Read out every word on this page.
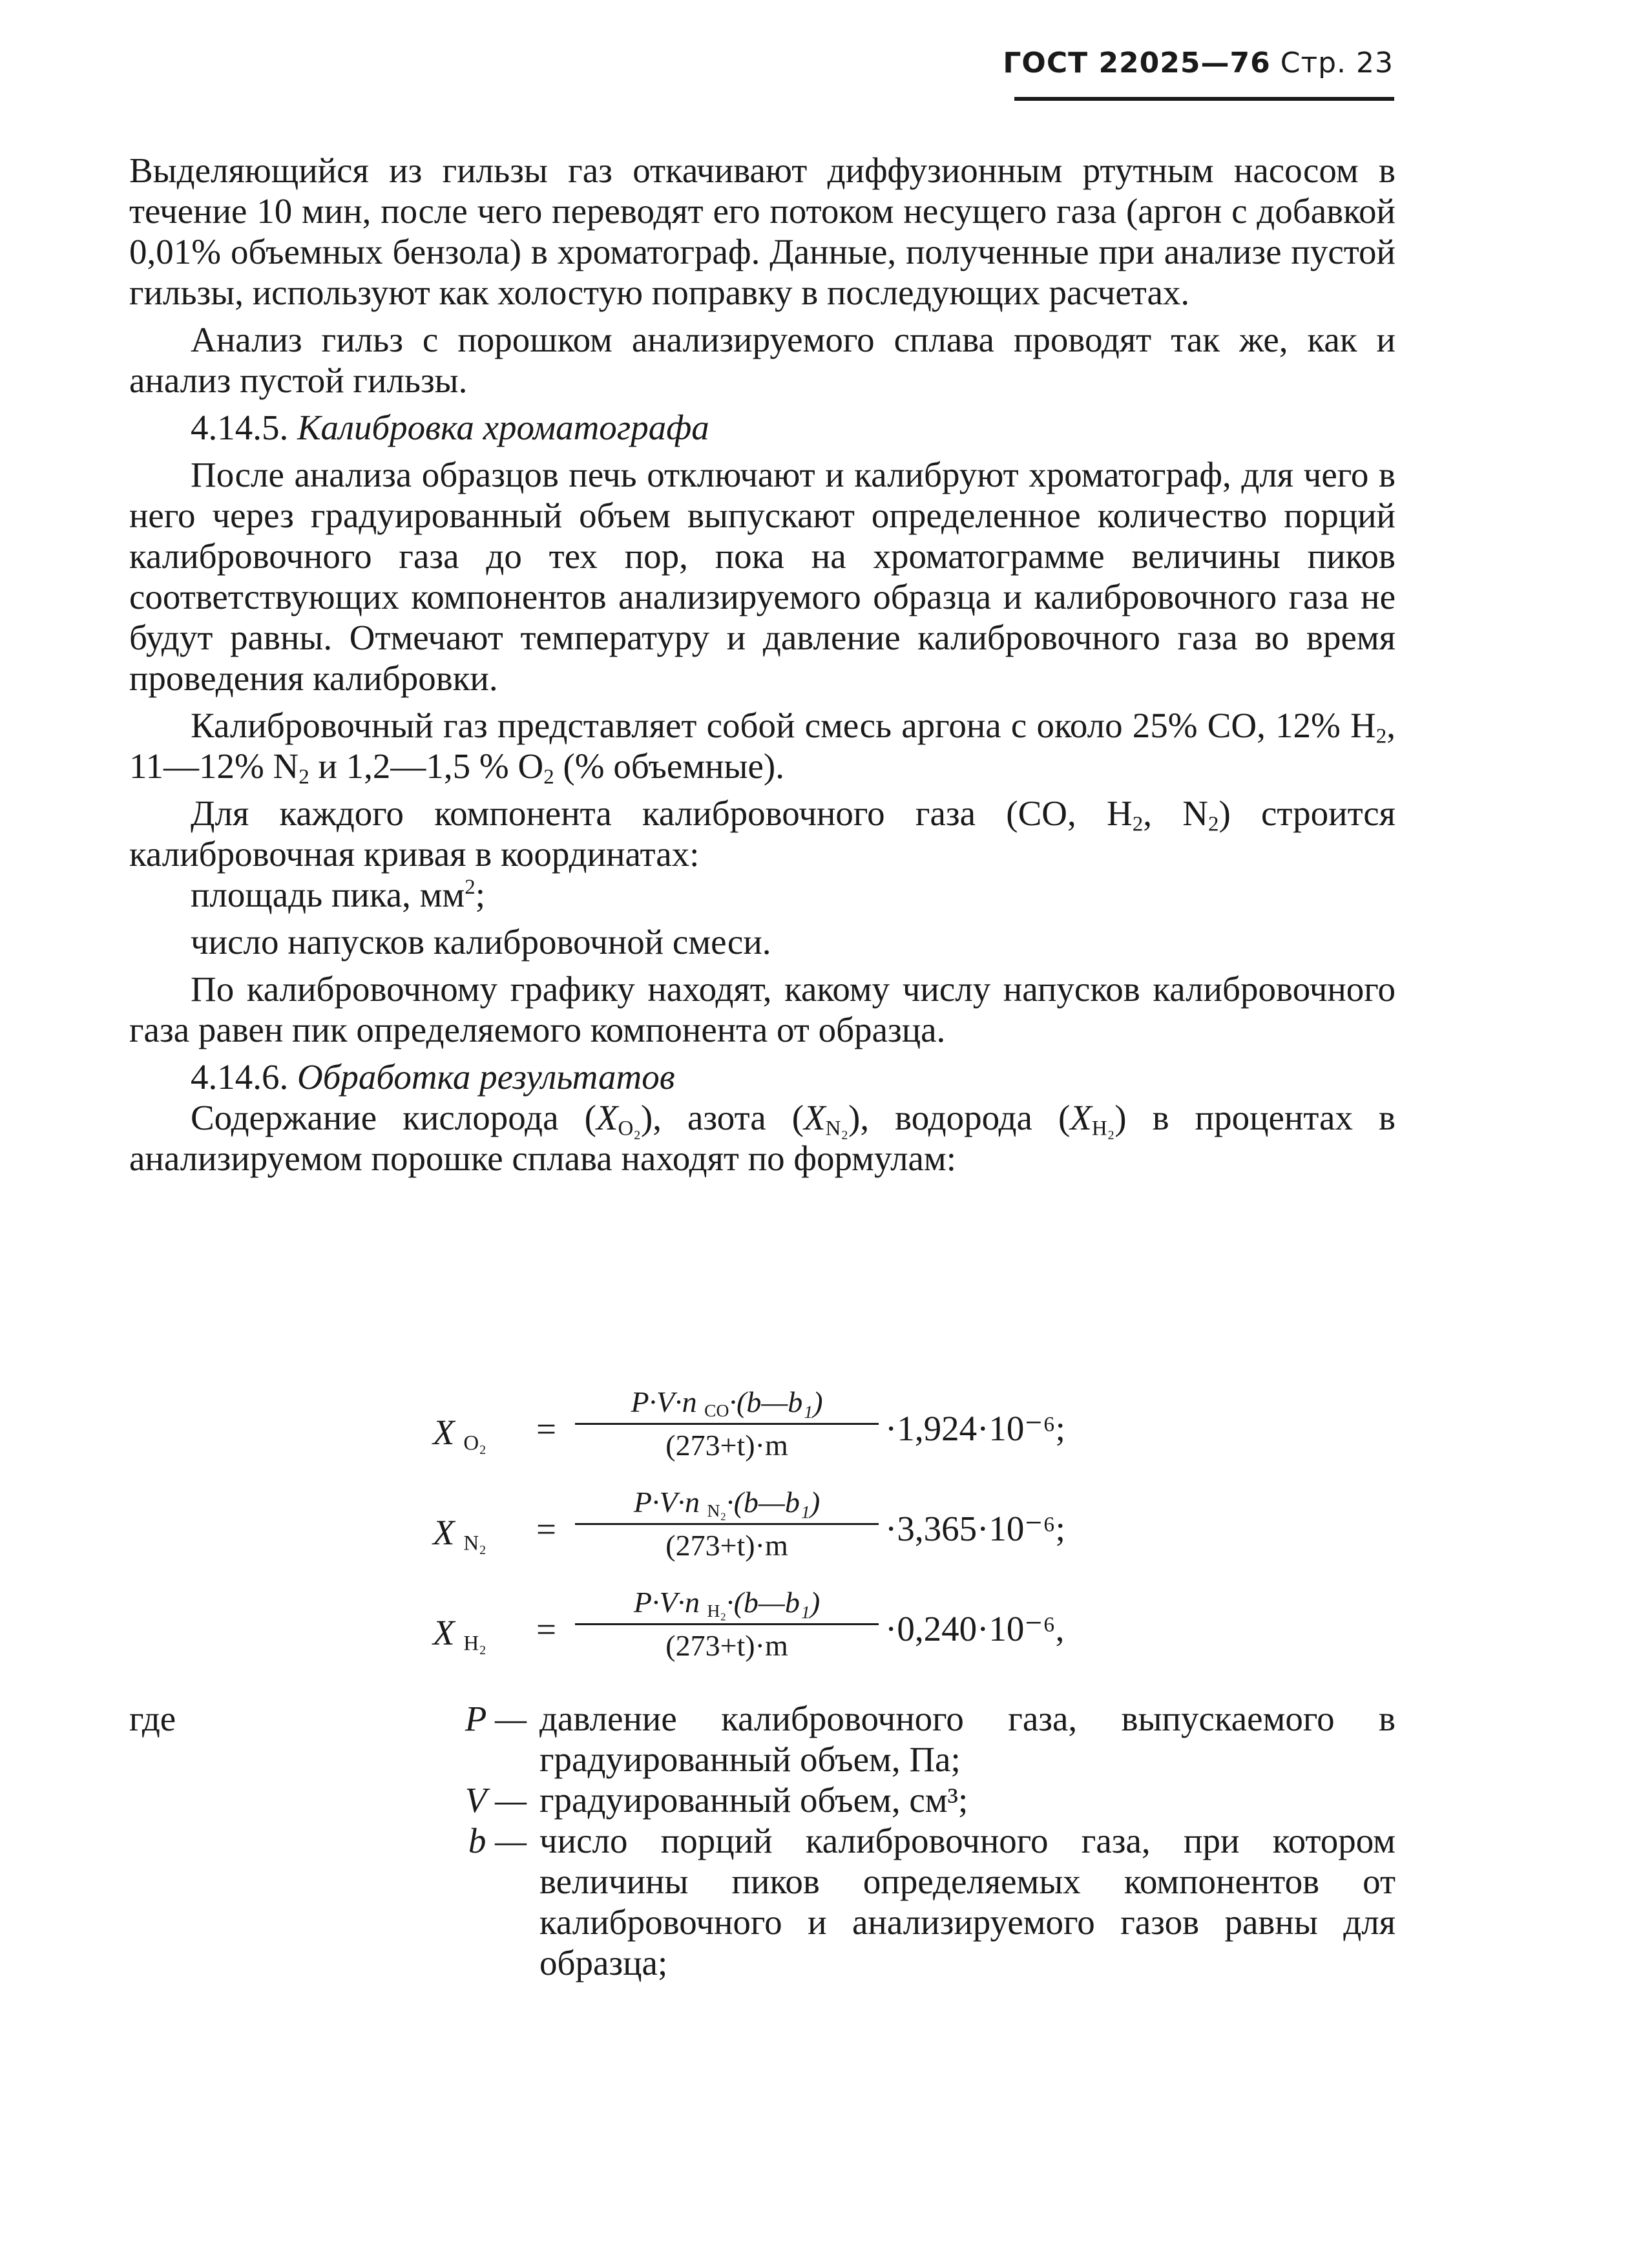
ГОСТ 22025—76 Стр. 23

Выделяющийся из гильзы газ откачивают диффузионным ртутным насосом в течение 10 мин, после чего переводят его потоком несущего газа (аргон с добавкой 0,01% объемных бензола) в хроматограф. Данные, полученные при анализе пустой гильзы, используют как холостую поправку в последующих расчетах.

Анализ гильз с порошком анализируемого сплава проводят так же, как и анализ пустой гильзы.

4.14.5. Калибровка хроматографа

После анализа образцов печь отключают и калибруют хроматограф, для чего в него через градуированный объем выпускают определенное количество порций калибровочного газа до тех пор, пока на хроматограмме величины пиков соответствующих компонентов анализируемого образца и калибровочного газа не будут равны. Отмечают температуру и давление калибровочного газа во время проведения калибровки.

Калибровочный газ представляет собой смесь аргона с около 25% CO, 12% $H_2$, 11—12% $N_2$ и 1,2—1,5 % $O_2$ (% объемные).

Для каждого компонента калибровочного газа (CO, $H_2$, $N_2$) строится калибровочная кривая в координатах:

площадь пика, $мм^2$;

число напусков калибровочной смеси.

По калибровочному графику находят, какому числу напусков калибровочного газа равен пик определяемого компонента от образца.

4.14.6. Обработка результатов

Содержание кислорода $(X_{O_2})$, азота $(X_{N_2})$, водорода $(X_{H_2})$ в процентах в анализируемом порошке сплава находят по формулам:

X $_{O_2}$ =
P·V·n $_{CO}$·(b—b₁)
(273+t)·m	·1,924·10⁻⁶;
X $_{N_2}$ =
P·V·n $_{N_2}$·(b—b₁)
(273+t)·m	·3,365·10⁻⁶;
X $_{H_2}$ =
P·V·n $_{H_2}$·(b—b₁)
(273+t)·m	·0,240·10⁻⁶,
где	P — давление калибровочного газа, выпускаемого в градуированный объем, Па;
V — градуированный объем, см³;
b — число порций калибровочного газа, при котором величины пиков определяемых компонентов от калибровочного и анализируемого газов равны для образца;
